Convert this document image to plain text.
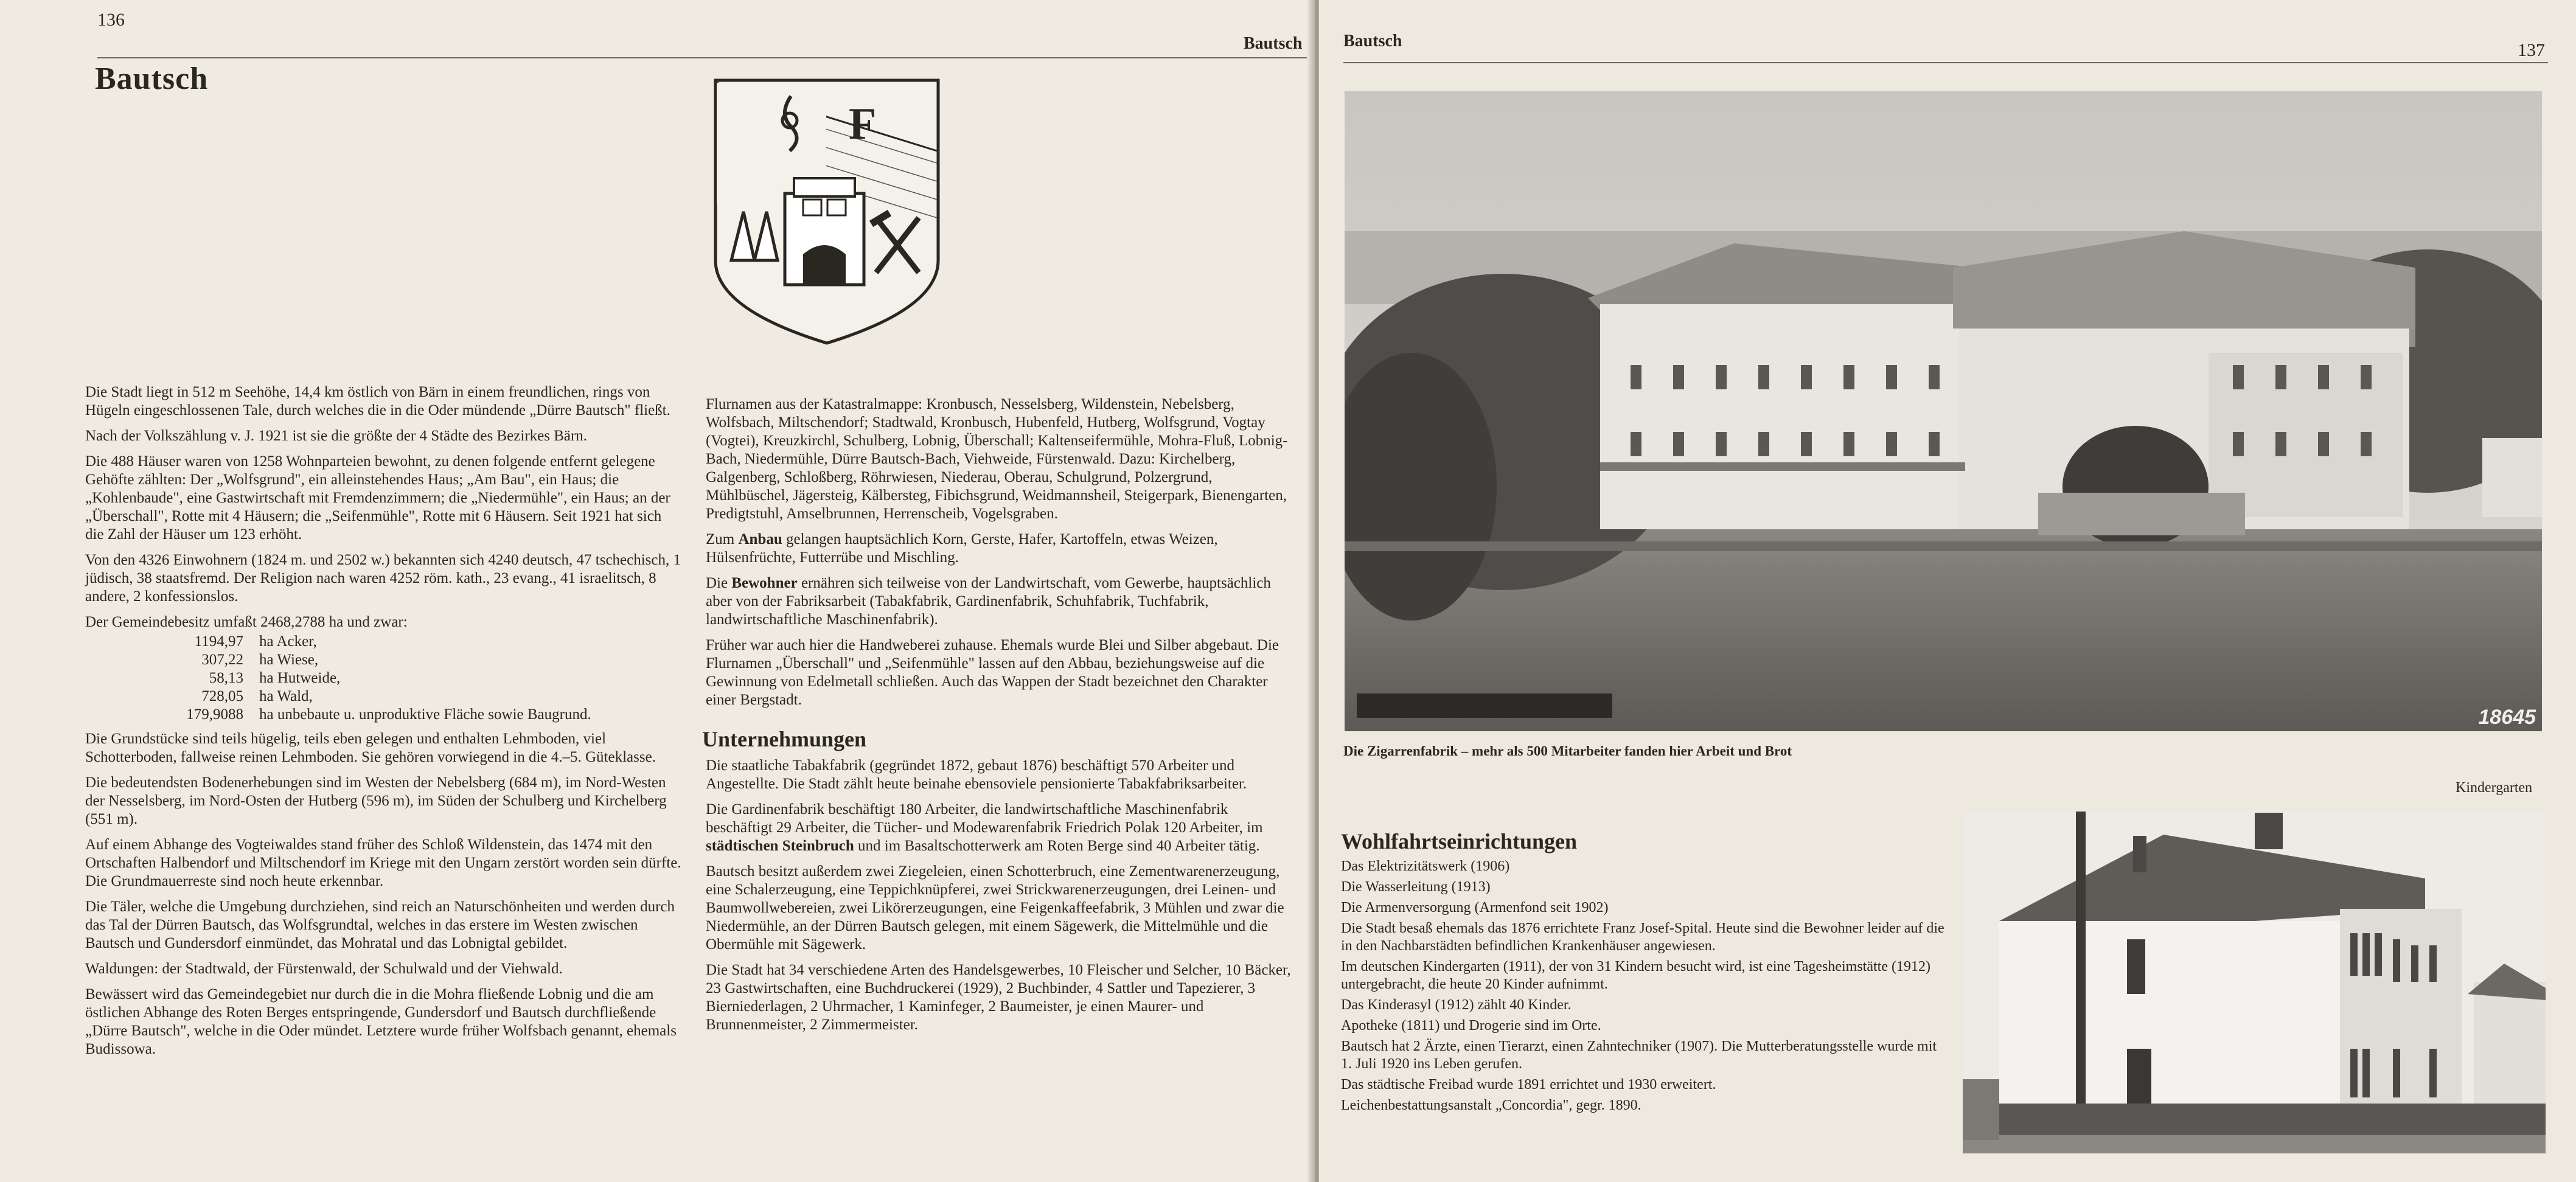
136
Bautsch
Bautsch
F

Die Stadt liegt in 512 m Seehöhe, 14,4 km östlich von Bärn in einem freundlichen, rings von Hügeln eingeschlossenen Tale, durch welches die in die Oder mündende „Dürre Bautsch" fließt.

Nach der Volkszählung v. J. 1921 ist sie die größte der 4 Städte des Bezirkes Bärn.

Die 488 Häuser waren von 1258 Wohnparteien bewohnt, zu denen folgende entfernt gelegene Gehöfte zählten: Der „Wolfsgrund", ein alleinstehendes Haus; „Am Bau", ein Haus; die „Kohlenbaude", eine Gastwirtschaft mit Fremdenzimmern; die „Niedermühle", ein Haus; an der „Überschall", Rotte mit 4 Häusern; die „Seifenmühle", Rotte mit 6 Häusern. Seit 1921 hat sich die Zahl der Häuser um 123 erhöht.

Von den 4326 Einwohnern (1824 m. und 2502 w.) bekannten sich 4240 deutsch, 47 tschechisch, 1 jüdisch, 38 staatsfremd. Der Religion nach waren 4252 röm. kath., 23 evang., 41 israelitsch, 8 andere, 2 konfessionslos.

Der Gemeindebesitz umfaßt 2468,2788 ha und zwar:

1194,97 ha Acker,
307,22 ha Wiese,
58,13 ha Hutweide,
728,05 ha Wald,
179,9088 ha unbebaute u. unproduktive Fläche sowie Baugrund.

Die Grundstücke sind teils hügelig, teils eben gelegen und enthalten Lehmboden, viel Schotterboden, fallweise reinen Lehmboden. Sie gehören vorwiegend in die 4.–5. Güteklasse.

Die bedeutendsten Bodenerhebungen sind im Westen der Nebelsberg (684 m), im Nord-Westen der Nesselsberg, im Nord-Osten der Hutberg (596 m), im Süden der Schulberg und Kirchelberg (551 m).

Auf einem Abhange des Vogteiwaldes stand früher des Schloß Wildenstein, das 1474 mit den Ortschaften Halbendorf und Miltschendorf im Kriege mit den Ungarn zerstört worden sein dürfte. Die Grundmauerreste sind noch heute erkennbar.

Die Täler, welche die Umgebung durchziehen, sind reich an Naturschönheiten und werden durch das Tal der Dürren Bautsch, das Wolfsgrundtal, welches in das erstere im Westen zwischen Bautsch und Gundersdorf einmündet, das Mohratal und das Lobnigtal gebildet.

Waldungen: der Stadtwald, der Fürstenwald, der Schulwald und der Viehwald.

Bewässert wird das Gemeindegebiet nur durch die in die Mohra fließende Lobnig und die am östlichen Abhange des Roten Berges entspringende, Gundersdorf und Bautsch durchfließende „Dürre Bautsch", welche in die Oder mündet. Letztere wurde früher Wolfsbach genannt, ehemals Budissowa.

Flurnamen aus der Katastralmappe: Kronbusch, Nesselsberg, Wildenstein, Nebelsberg, Wolfsbach, Miltschendorf; Stadtwald, Kronbusch, Hubenfeld, Hutberg, Wolfsgrund, Vogtay (Vogtei), Kreuzkirchl, Schulberg, Lobnig, Überschall; Kaltenseifermühle, Mohra-Fluß, Lobnig-Bach, Niedermühle, Dürre Bautsch-Bach, Viehweide, Fürstenwald. Dazu: Kirchelberg, Galgenberg, Schloßberg, Röhrwiesen, Niederau, Oberau, Schulgrund, Polzergrund, Mühlbüschel, Jägersteig, Kälbersteg, Fibichsgrund, Weidmannsheil, Steigerpark, Bienengarten, Predigtstuhl, Amselbrunnen, Herrenscheib, Vogelsgraben.

Zum Anbau gelangen hauptsächlich Korn, Gerste, Hafer, Kartoffeln, etwas Weizen, Hülsenfrüchte, Futterrübe und Mischling.

Die Bewohner ernähren sich teilweise von der Landwirtschaft, vom Gewerbe, hauptsächlich aber von der Fabriksarbeit (Tabakfabrik, Gardinenfabrik, Schuhfabrik, Tuchfabrik, landwirtschaftliche Maschinenfabrik).

Früher war auch hier die Handweberei zuhause. Ehemals wurde Blei und Silber abgebaut. Die Flurnamen „Überschall" und „Seifenmühle" lassen auf den Abbau, beziehungsweise auf die Gewinnung von Edelmetall schließen. Auch das Wappen der Stadt bezeichnet den Charakter einer Bergstadt.

Unternehmungen

Die staatliche Tabakfabrik (gegründet 1872, gebaut 1876) beschäftigt 570 Arbeiter und Angestellte. Die Stadt zählt heute beinahe ebensoviele pensionierte Tabakfabriksarbeiter.

Die Gardinenfabrik beschäftigt 180 Arbeiter, die landwirtschaftliche Maschinenfabrik beschäftigt 29 Arbeiter, die Tücher- und Modewarenfabrik Friedrich Polak 120 Arbeiter, im städtischen Steinbruch und im Basaltschotterwerk am Roten Berge sind 40 Arbeiter tätig.

Bautsch besitzt außerdem zwei Ziegeleien, einen Schotterbruch, eine Zementwarenerzeugung, eine Schalerzeugung, eine Teppichknüpferei, zwei Strickwarenerzeugungen, drei Leinen- und Baumwollwebereien, zwei Likörerzeugungen, eine Feigenkaffeefabrik, 3 Mühlen und zwar die Niedermühle, an der Dürren Bautsch gelegen, mit einem Sägewerk, die Mittelmühle und die Obermühle mit Sägewerk.

Die Stadt hat 34 verschiedene Arten des Handelsgewerbes, 10 Fleischer und Selcher, 10 Bäcker, 23 Gastwirtschaften, eine Buchdruckerei (1929), 2 Buchbinder, 4 Sattler und Tapezierer, 3 Bierniederlagen, 2 Uhrmacher, 1 Kaminfeger, 2 Baumeister, je einen Maurer- und Brunnenmeister, 2 Zimmermeister.

Bautsch	137
18645
Die Zigarrenfabrik – mehr als 500 Mitarbeiter fanden hier Arbeit und Brot
Kindergarten
Wohlfahrtseinrichtungen
Das Elektrizitätswerk (1906)
Die Wasserleitung (1913)
Die Armenversorgung (Armenfond seit 1902)
Die Stadt besaß ehemals das 1876 errichtete Franz Josef-Spital. Heute sind die Bewohner leider auf die in den Nachbarstädten befindlichen Krankenhäuser angewiesen.
Im deutschen Kindergarten (1911), der von 31 Kindern besucht wird, ist eine Tagesheimstätte (1912) untergebracht, die heute 20 Kinder aufnimmt.
Das Kinderasyl (1912) zählt 40 Kinder.
Apotheke (1811) und Drogerie sind im Orte.
Bautsch hat 2 Ärzte, einen Tierarzt, einen Zahntechniker (1907). Die Mutterberatungsstelle wurde mit 1. Juli 1920 ins Leben gerufen.
Das städtische Freibad wurde 1891 errichtet und 1930 erweitert.
Leichenbestattungsanstalt „Concordia", gegr. 1890.
